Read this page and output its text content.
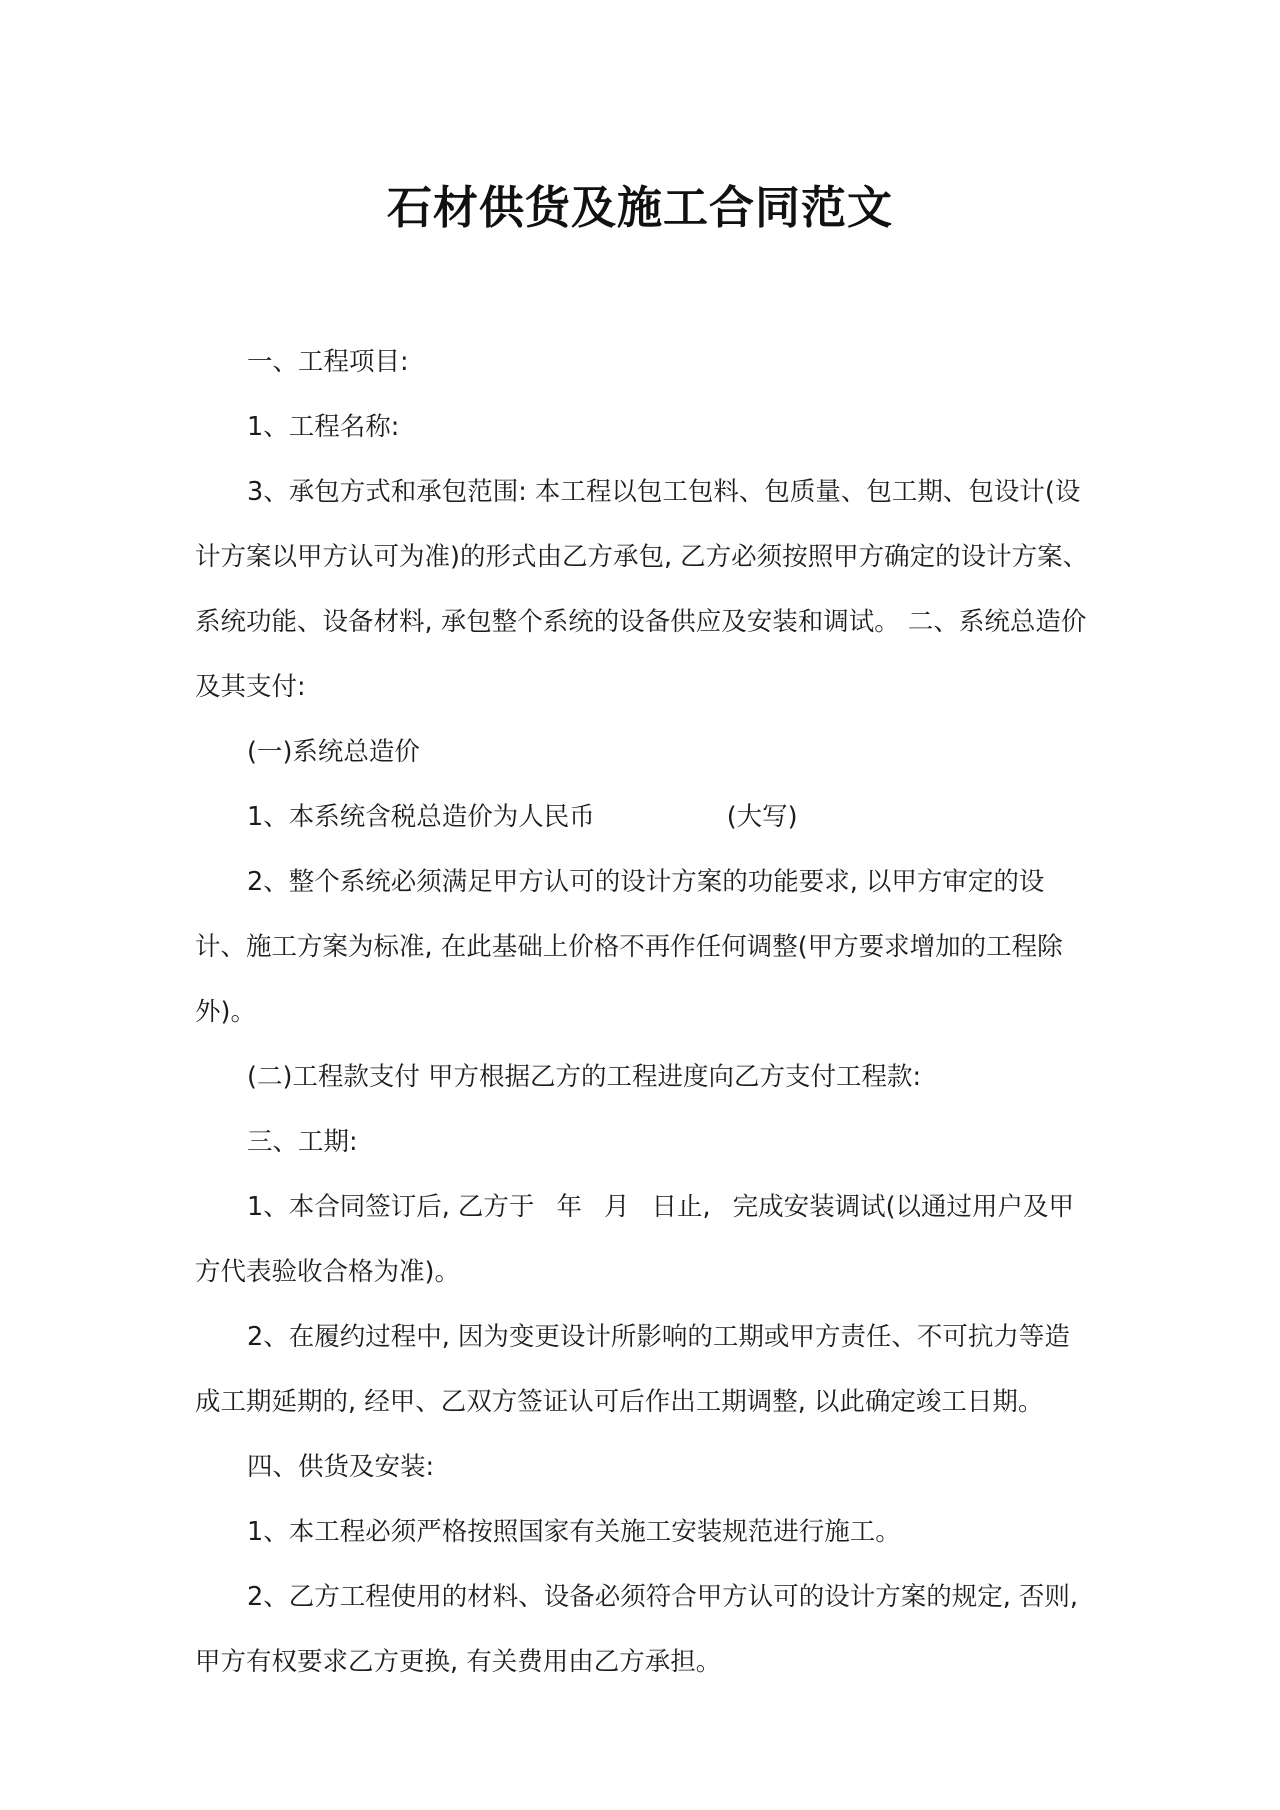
石材供货及施工合同范文

一、工程项目:

1、工程名称:

3、承包方式和承包范围: 本工程以包工包料、包质量、包工期、包设计(设计方案以甲方认可为准)的形式由乙方承包, 乙方必须按照甲方确定的设计方案、系统功能、设备材料, 承包整个系统的设备供应及安装和调试。 二、系统总造价及其支付:

(一)系统总造价

1、本系统含税总造价为人民币	(大写)

2、整个系统必须满足甲方认可的设计方案的功能要求, 以甲方审定的设计、施工方案为标准, 在此基础上价格不再作任何调整(甲方要求增加的工程除外)。

(二)工程款支付 甲方根据乙方的工程进度向乙方支付工程款:

三、工期:

1、本合同签订后, 乙方于 年 月 日止, 完成安装调试(以通过用户及甲方代表验收合格为准)。

2、在履约过程中, 因为变更设计所影响的工期或甲方责任、不可抗力等造成工期延期的, 经甲、乙双方签证认可后作出工期调整, 以此确定竣工日期。

四、供货及安装:

1、本工程必须严格按照国家有关施工安装规范进行施工。

2、乙方工程使用的材料、设备必须符合甲方认可的设计方案的规定, 否则, 甲方有权要求乙方更换, 有关费用由乙方承担。
